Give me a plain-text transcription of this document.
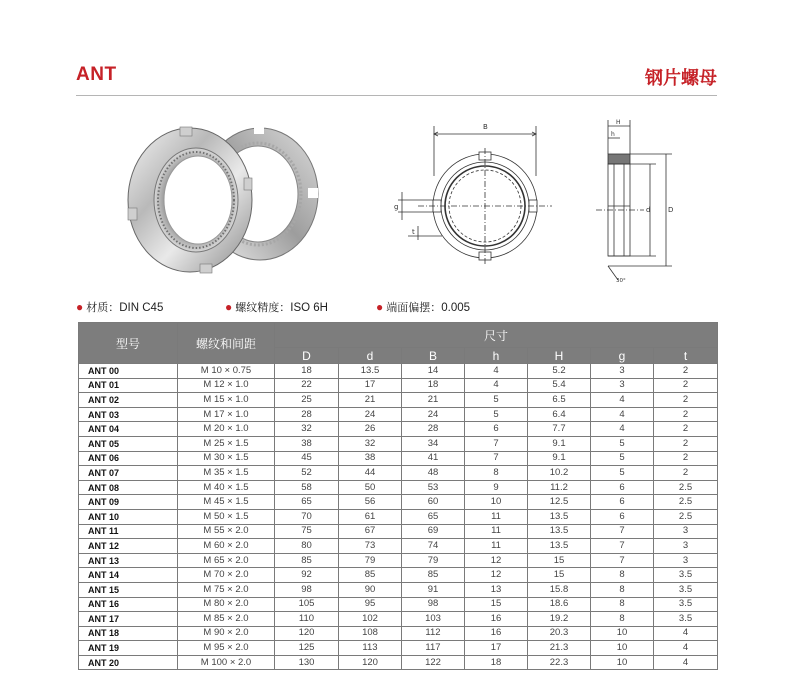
ANT	钢片螺母
B
g
t
H
h
d	D
30°
● 材质：DIN C45	● 螺纹精度：ISO 6H	● 端面偏摆：0.005
型号	螺纹和间距	尺寸						
		D	d	B	h	H	g	t
ANT 00	M 10 × 0.75	18	13.5	14	4	5.2	3	2
ANT 01	M 12 × 1.0	22	17	18	4	5.4	3	2
ANT 02	M 15 × 1.0	25	21	21	5	6.5	4	2
ANT 03	M 17 × 1.0	28	24	24	5	6.4	4	2
ANT 04	M 20 × 1.0	32	26	28	6	7.7	4	2
ANT 05	M 25 × 1.5	38	32	34	7	9.1	5	2
ANT 06	M 30 × 1.5	45	38	41	7	9.1	5	2
ANT 07	M 35 × 1.5	52	44	48	8	10.2	5	2
ANT 08	M 40 × 1.5	58	50	53	9	11.2	6	2.5
ANT 09	M 45 × 1.5	65	56	60	10	12.5	6	2.5
ANT 10	M 50 × 1.5	70	61	65	11	13.5	6	2.5
ANT 11	M 55 × 2.0	75	67	69	11	13.5	7	3
ANT 12	M 60 × 2.0	80	73	74	11	13.5	7	3
ANT 13	M 65 × 2.0	85	79	79	12	15	7	3
ANT 14	M 70 × 2.0	92	85	85	12	15	8	3.5
ANT 15	M 75 × 2.0	98	90	91	13	15.8	8	3.5
ANT 16	M 80 × 2.0	105	95	98	15	18.6	8	3.5
ANT 17	M 85 × 2.0	110	102	103	16	19.2	8	3.5
ANT 18	M 90 × 2.0	120	108	112	16	20.3	10	4
ANT 19	M 95 × 2.0	125	113	117	17	21.3	10	4
ANT 20	M 100 × 2.0	130	120	122	18	22.3	10	4
